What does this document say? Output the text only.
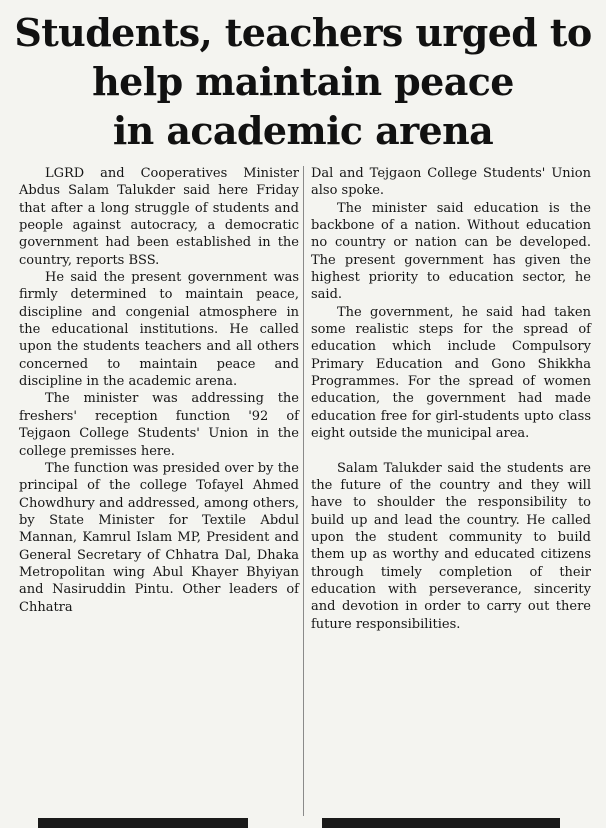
Students, teachers urged to
help maintain peace
in academic arena

LGRD and Cooperatives Minister Abdus Salam Talukder said here Friday that after a long struggle of students and people against autocracy, a democratic government had been established in the country, reports BSS.

He said the present government was firmly determined to maintain peace, discipline and congenial atmosphere in the educational institutions. He called upon the students teachers and all others concerned to maintain peace and discipline in the academic arena.

The minister was addressing the freshers' reception function '92 of Tejgaon College Students' Union in the college premisses here.

The function was presided over by the principal of the college Tofayel Ahmed Chowdhury and addressed, among others, by State Minister for Textile Abdul Mannan, Kamrul Islam MP, President and General Secretary of Chhatra Dal, Dhaka Metropolitan wing Abul Khayer Bhyiyan and Nasiruddin Pintu. Other leaders of Chhatra

Dal and Tejgaon College Students' Union also spoke.

The minister said education is the backbone of a nation. Without education no country or nation can be developed. The present government has given the highest priority to education sector, he said.

The government, he said had taken some realistic steps for the spread of education which include Compulsory Primary Education and Gono Shikkha Programmes. For the spread of women education, the government had made education free for girl-students upto class eight outside the municipal area.

Salam Talukder said the students are the future of the country and they will have to shoulder the responsibility to build up and lead the country. He called upon the student community to build them up as worthy and educated citizens through timely completion of their education with perseverance, sincerity and devotion in order to carry out there future responsibilities.
